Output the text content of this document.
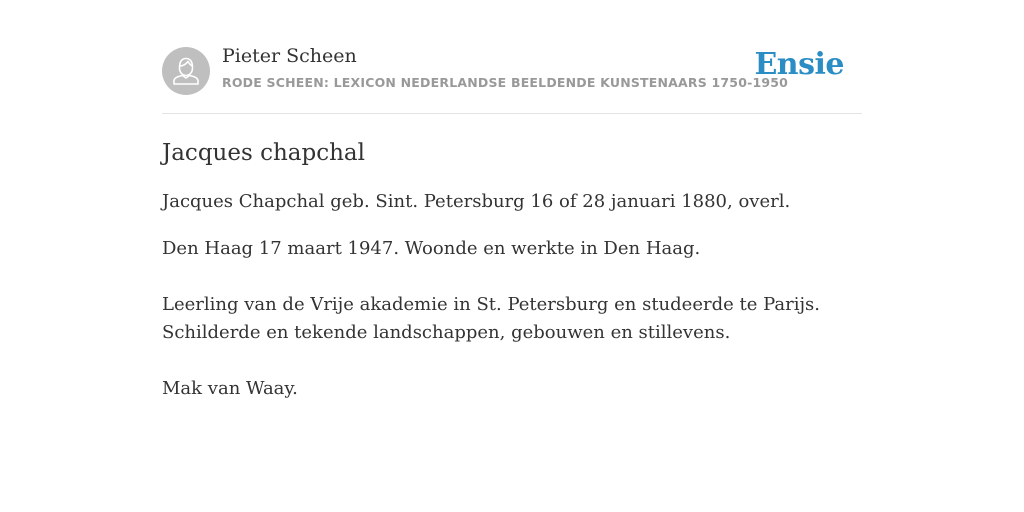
Pieter Scheen
RODE SCHEEN: LEXICON NEDERLANDSE BEELDENDE KUNSTENAARS 1750-1950
Ensie
Jacques chapchal

Jacques Chapchal geb. Sint. Petersburg 16 of 28 januari 1880, overl.

Den Haag 17 maart 1947. Woonde en werkte in Den Haag.

Leerling van de Vrije akademie in St. Petersburg en studeerde te Parijs.

Schilderde en tekende landschappen, gebouwen en stillevens.

Mak van Waay.
